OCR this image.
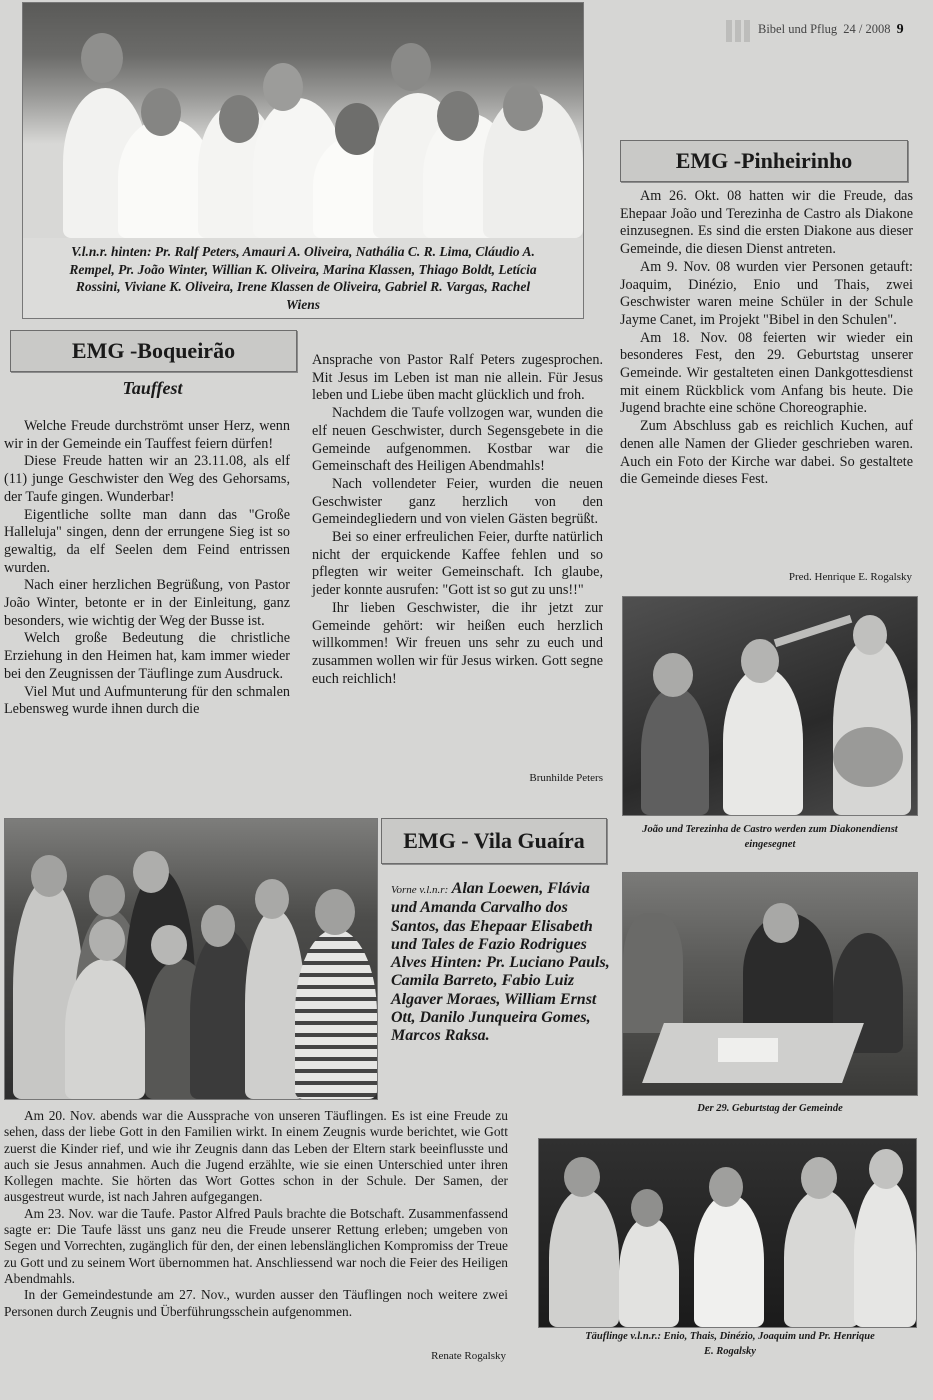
Bibel und Pflug 24 / 2008 9
V.l.n.r. hinten: Pr. Ralf Peters, Amauri A. Oliveira, Nathália C. R. Lima, Cláudio A. Rempel, Pr. João Winter, Willian K. Oliveira, Marina Klassen, Thiago Boldt, Letícia Rossini, Viviane K. Oliveira, Irene Klassen de Oliveira, Gabriel R. Vargas, Rachel Wiens
EMG -Boqueirão
Tauffest

Welche Freude durchströmt unser Herz, wenn wir in der Gemeinde ein Tauffest feiern dürfen!

Diese Freude hatten wir an 23.11.08, als elf (11) junge Geschwister den Weg des Gehorsams, der Taufe gingen. Wunderbar!

Eigentliche sollte man dann das "Große Halleluja" singen, denn der errungene Sieg ist so gewaltig, da elf Seelen dem Feind entrissen wurden.

Nach einer herzlichen Begrüßung, von Pastor João Winter, betonte er in der Einleitung, ganz besonders, wie wichtig der Weg der Busse ist.

Welch große Bedeutung die christliche Erziehung in den Heimen hat, kam immer wieder bei den Zeugnissen der Täuflinge zum Ausdruck.

Viel Mut und Aufmunterung für den schmalen Lebensweg wurde ihnen durch die

Ansprache von Pastor Ralf Peters zugesprochen. Mit Jesus im Leben ist man nie allein. Für Jesus leben und Liebe üben macht glücklich und froh.

Nachdem die Taufe vollzogen war, wunden die elf neuen Geschwister, durch Segensgebete in die Gemeinde aufgenommen. Kostbar war die Gemeinschaft des Heiligen Abendmahls!

Nach vollendeter Feier, wurden die neuen Geschwister ganz herzlich von den Gemeindegliedern und von vielen Gästen begrüßt.

Bei so einer erfreulichen Feier, durfte natürlich nicht der erquickende Kaffee fehlen und so pflegten wir weiter Gemeinschaft. Ich glaube, jeder konnte ausrufen: "Gott ist so gut zu uns!!"

Ihr lieben Geschwister, die ihr jetzt zur Gemeinde gehört: wir heißen euch herzlich willkommen! Wir freuen uns sehr zu euch und zusammen wollen wir für Jesus wirken. Gott segne euch reichlich!

Brunhilde Peters
EMG -Pinheirinho

Am 26. Okt. 08 hatten wir die Freude, das Ehepaar João und Terezinha de Castro als Diakone einzusegnen. Es sind die ersten Diakone aus dieser Gemeinde, die diesen Dienst antreten.

Am 9. Nov. 08 wurden vier Personen getauft: Joaquim, Dinézio, Enio und Thais, zwei Geschwister waren meine Schüler in der Schule Jayme Canet, im Projekt "Bibel in den Schulen".

Am 18. Nov. 08 feierten wir wieder ein besonderes Fest, den 29. Geburtstag unserer Gemeinde. Wir gestalteten einen Dankgottesdienst mit einem Rückblick vom Anfang bis heute. Die Jugend brachte eine schöne Choreographie.

Zum Abschluss gab es reichlich Kuchen, auf denen alle Namen der Glieder geschrieben waren. Auch ein Foto der Kirche war dabei. So gestaltete die Gemeinde dieses Fest.

Pred. Henrique E. Rogalsky
João und Terezinha de Castro werden zum Diakonendienst eingesegnet
Der 29. Geburtstag der Gemeinde
Täuflinge v.l.n.r.: Enio, Thais, Dinézio, Joaquim und Pr. Henrique E. Rogalsky
EMG - Vila Guaíra
Vorne v.l.n.r: Alan Loewen, Flávia und Amanda Carvalho dos Santos, das Ehepaar Elisabeth und Tales de Fazio Rodrigues Alves Hinten: Pr. Luciano Pauls, Camila Barreto, Fabio Luiz Algaver Moraes, William Ernst Ott, Danilo Junqueira Gomes, Marcos Raksa.

Am 20. Nov. abends war die Aussprache von unseren Täuflingen. Es ist eine Freude zu sehen, dass der liebe Gott in den Familien wirkt. In einem Zeugnis wurde berichtet, wie Gott zuerst die Kinder rief, und wie ihr Zeugnis dann das Leben der Eltern stark beeinflusste und auch sie Jesus annahmen. Auch die Jugend erzählte, wie sie einen Unterschied unter ihren Kollegen machte. Sie hörten das Wort Gottes schon in der Schule. Der Samen, der ausgestreut wurde, ist nach Jahren aufgegangen.

Am 23. Nov. war die Taufe. Pastor Alfred Pauls brachte die Botschaft. Zusammenfassend sagte er: Die Taufe lässt uns ganz neu die Freude unserer Rettung erleben; umgeben von Segen und Vorrechten, zugänglich für den, der einen lebenslänglichen Kompromiss der Treue zu Gott und zu seinem Wort übernommen hat. Anschliessend war noch die Feier des Heiligen Abendmahls.

In der Gemeindestunde am 27. Nov., wurden ausser den Täuflingen noch weitere zwei Personen durch Zeugnis und Überführungsschein aufgenommen.

Renate Rogalsky
